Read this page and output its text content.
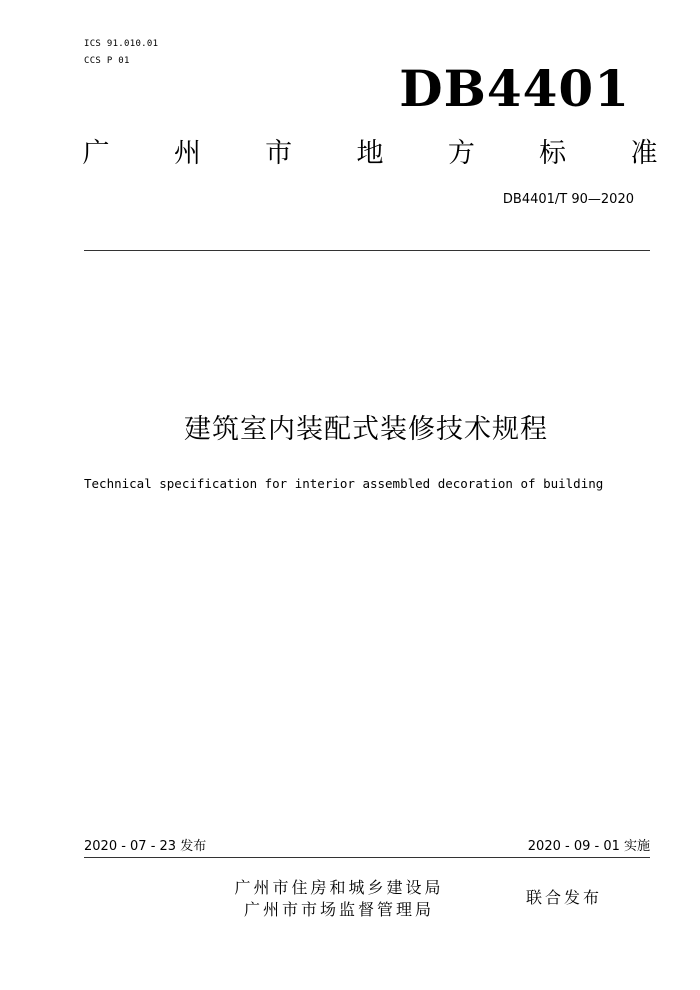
ICS 91.010.01
CCS P 01	DB4401
广 州 市 地 方 标 准
DB4401/T 90—2020
建筑室内装配式装修技术规程
Technical specification for interior assembled decoration of building
2020 - 07 - 23 发布	2020 - 09 - 01 实施
广州市住房和城乡建设局
广州市市场监督管理局
联合发布
